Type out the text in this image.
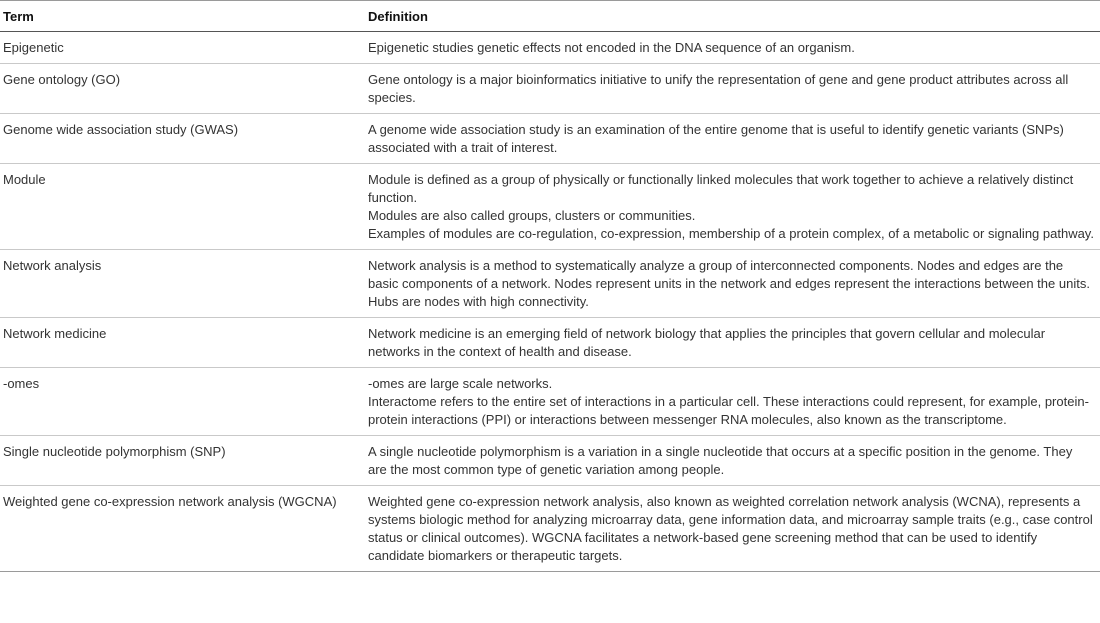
Term	Definition
Epigenetic	Epigenetic studies genetic effects not encoded in the DNA sequence of an organism.
Gene ontology (GO)	Gene ontology is a major bioinformatics initiative to unify the representation of gene and gene product attributes across all species.
Genome wide association study (GWAS)	A genome wide association study is an examination of the entire genome that is useful to identify genetic variants (SNPs) associated with a trait of interest.
Module	Module is defined as a group of physically or functionally linked molecules that work together to achieve a relatively distinct function.
Modules are also called groups, clusters or communities.
Examples of modules are co-regulation, co-expression, membership of a protein complex, of a metabolic or signaling pathway.
Network analysis	Network analysis is a method to systematically analyze a group of interconnected components. Nodes and edges are the basic components of a network. Nodes represent units in the network and edges represent the interactions between the units. Hubs are nodes with high connectivity.
Network medicine	Network medicine is an emerging field of network biology that applies the principles that govern cellular and molecular networks in the context of health and disease.
-omes	-omes are large scale networks.
Interactome refers to the entire set of interactions in a particular cell. These interactions could represent, for example, protein-protein interactions (PPI) or interactions between messenger RNA molecules, also known as the transcriptome.
Single nucleotide polymorphism (SNP)	A single nucleotide polymorphism is a variation in a single nucleotide that occurs at a specific position in the genome. They are the most common type of genetic variation among people.
Weighted gene co-expression network analysis (WGCNA)	Weighted gene co-expression network analysis, also known as weighted correlation network analysis (WCNA), represents a systems biologic method for analyzing microarray data, gene information data, and microarray sample traits (e.g., case control status or clinical outcomes). WGCNA facilitates a network-based gene screening method that can be used to identify candidate biomarkers or therapeutic targets.
